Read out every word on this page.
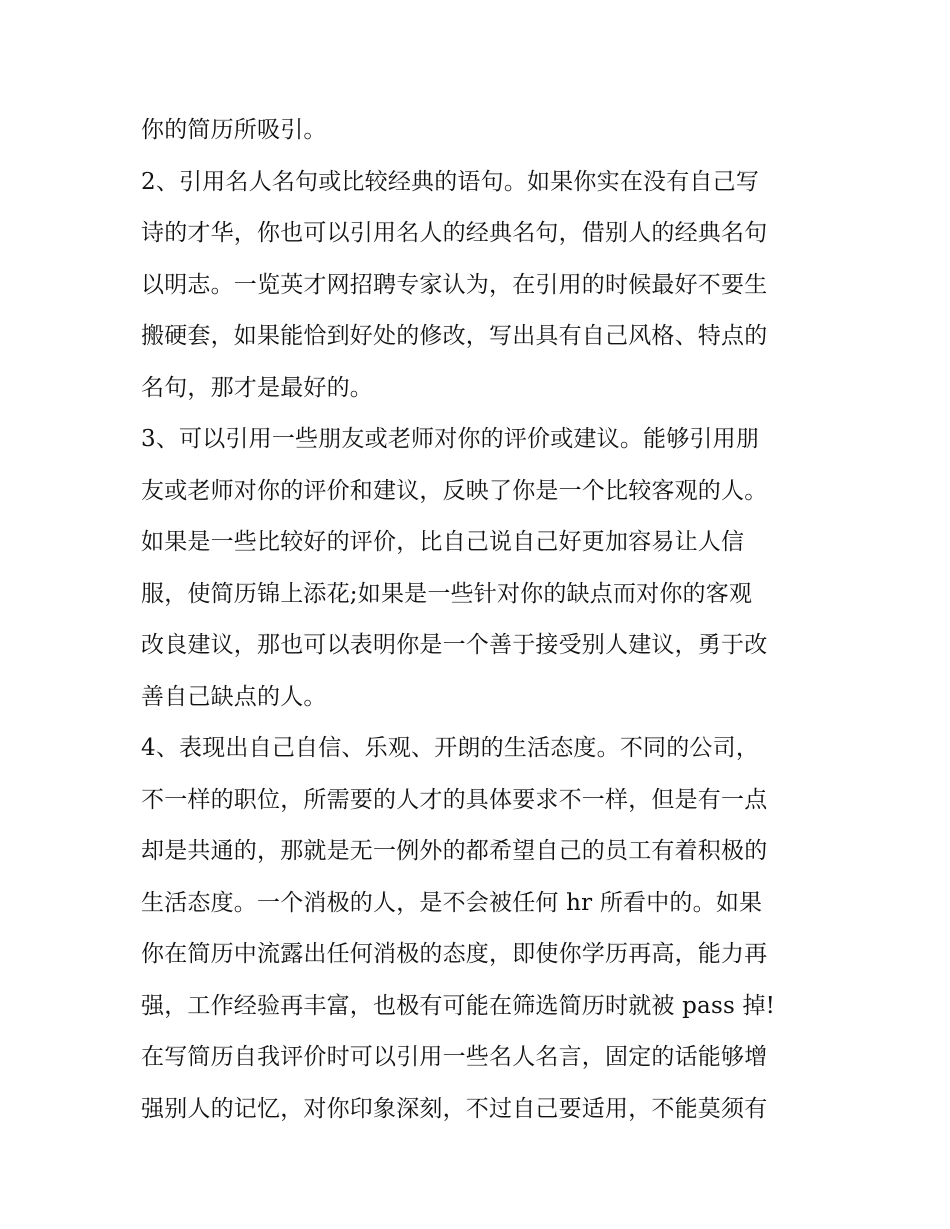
你的简历所吸引。
2、引用名人名句或比较经典的语句。如果你实在没有自己写
诗的才华，你也可以引用名人的经典名句，借别人的经典名句
以明志。一览英才网招聘专家认为，在引用的时候最好不要生
搬硬套，如果能恰到好处的修改，写出具有自己风格、特点的
名句，那才是最好的。
3、可以引用一些朋友或老师对你的评价或建议。能够引用朋
友或老师对你的评价和建议，反映了你是一个比较客观的人。
如果是一些比较好的评价，比自己说自己好更加容易让人信
服，使简历锦上添花;如果是一些针对你的缺点而对你的客观
改良建议，那也可以表明你是一个善于接受别人建议，勇于改
善自己缺点的人。
4、表现出自己自信、乐观、开朗的生活态度。不同的公司，
不一样的职位，所需要的人才的具体要求不一样，但是有一点
却是共通的，那就是无一例外的都希望自己的员工有着积极的
生活态度。一个消极的人，是不会被任何 hr 所看中的。如果
你在简历中流露出任何消极的态度，即使你学历再高，能力再
强，工作经验再丰富，也极有可能在筛选简历时就被 pass 掉!
在写简历自我评价时可以引用一些名人名言，固定的话能够增
强别人的记忆，对你印象深刻，不过自己要适用，不能莫须有
